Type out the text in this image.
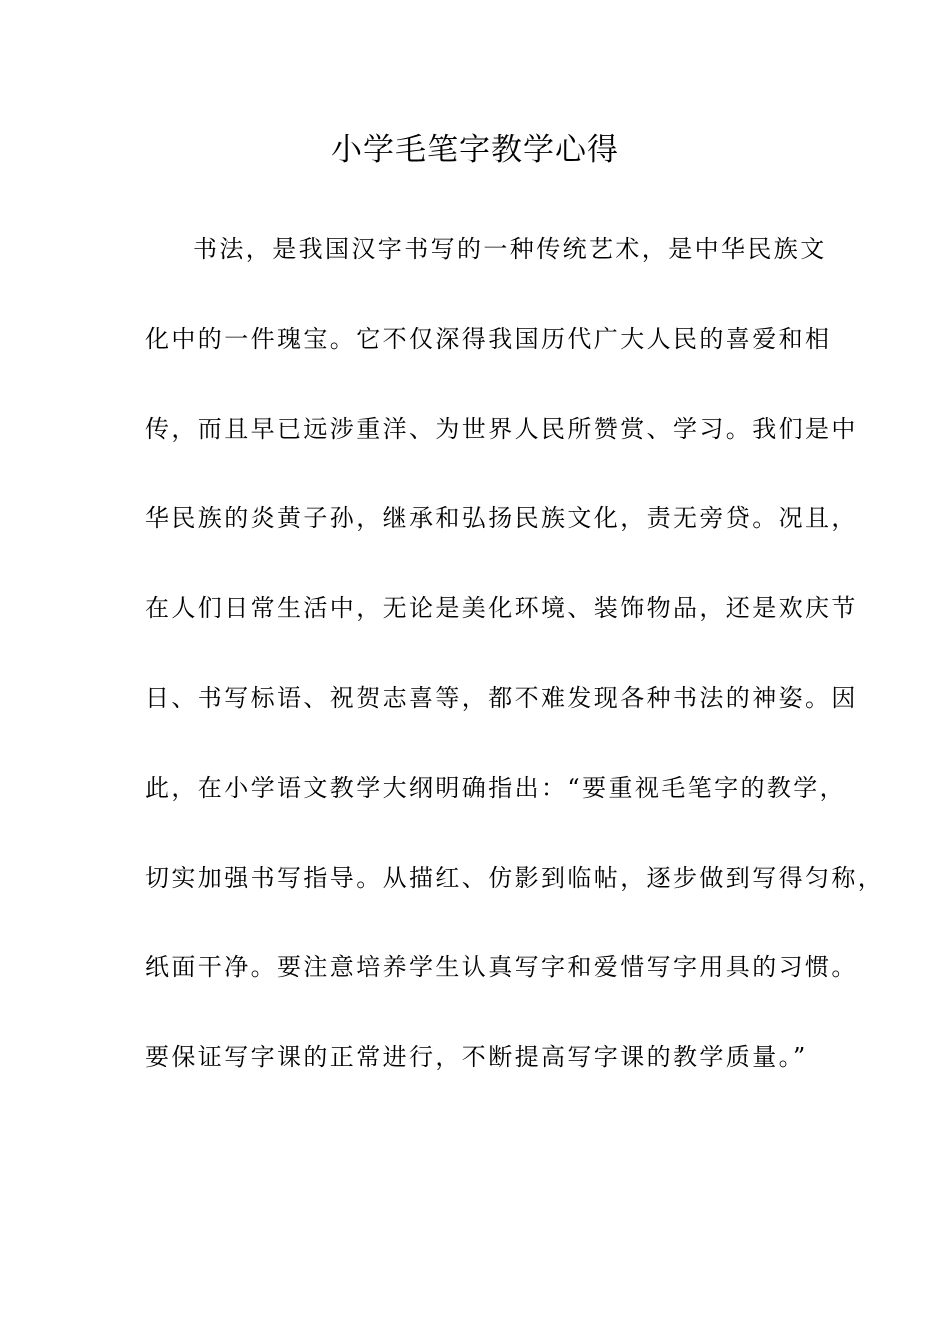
小学毛笔字教学心得
书法，是我国汉字书写的一种传统艺术，是中华民族文
化中的一件瑰宝。它不仅深得我国历代广大人民的喜爱和相
传，而且早已远涉重洋、为世界人民所赞赏、学习。我们是中
华民族的炎黄子孙，继承和弘扬民族文化，责无旁贷。况且，
在人们日常生活中，无论是美化环境、装饰物品，还是欢庆节
日、书写标语、祝贺志喜等，都不难发现各种书法的神姿。因
此，在小学语文教学大纲明确指出：“要重视毛笔字的教学，
切实加强书写指导。从描红、仿影到临帖，逐步做到写得匀称，
纸面干净。要注意培养学生认真写字和爱惜写字用具的习惯。
要保证写字课的正常进行，不断提高写字课的教学质量。”
